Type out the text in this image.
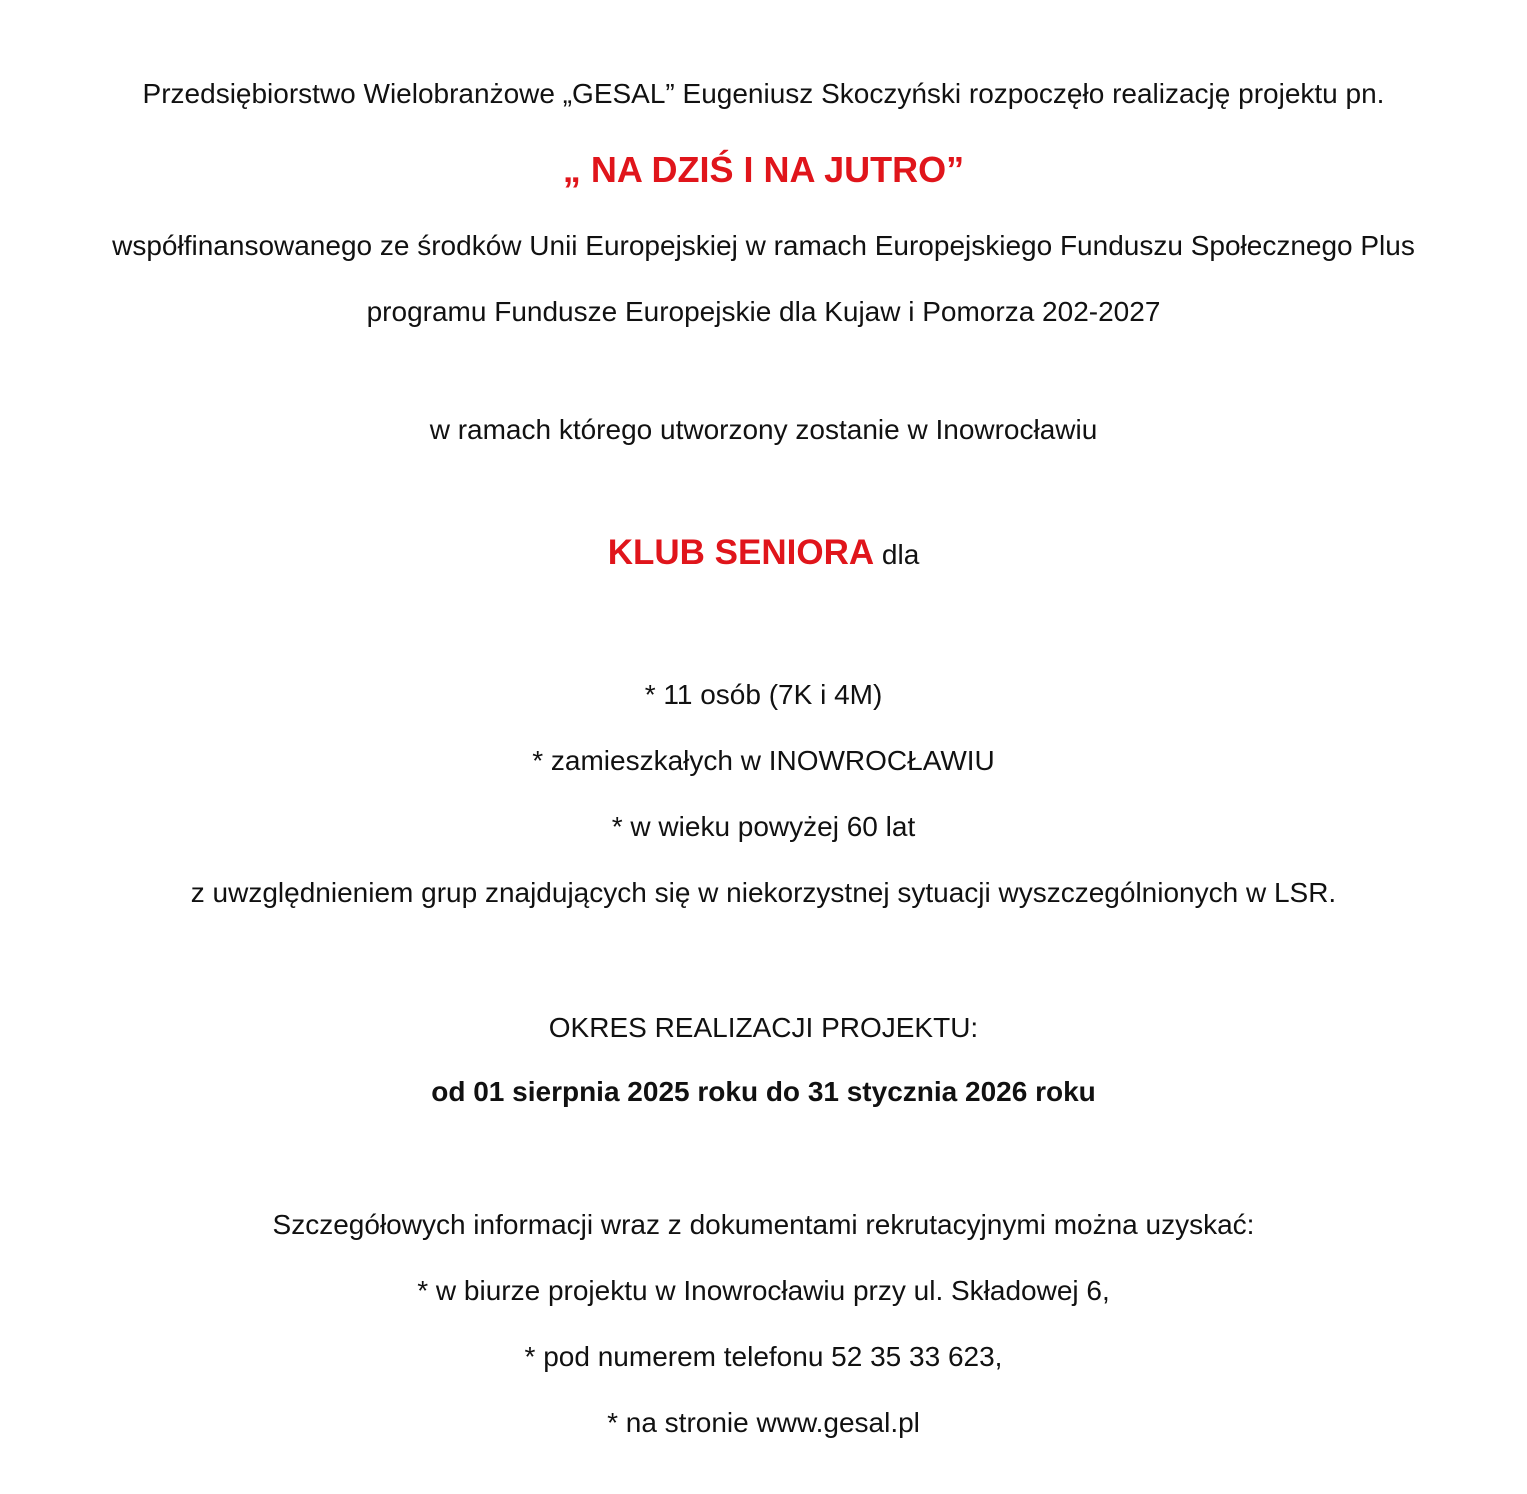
Przedsiębiorstwo Wielobranżowe „GESAL” Eugeniusz Skoczyński rozpoczęło realizację projektu pn.
„ NA DZIŚ I NA JUTRO”
współfinansowanego ze środków Unii Europejskiej w ramach Europejskiego Funduszu Społecznego Plus
programu Fundusze Europejskie dla Kujaw i Pomorza 202-2027
w ramach którego utworzony zostanie w Inowrocławiu
KLUB SENIORA dla
* 11 osób (7K i 4M)
* zamieszkałych w INOWROCŁAWIU
* w wieku powyżej 60 lat
z uwzględnieniem grup znajdujących się w niekorzystnej sytuacji wyszczególnionych w LSR.
OKRES REALIZACJI PROJEKTU:
od 01 sierpnia 2025 roku do 31 stycznia 2026 roku
Szczegółowych informacji wraz z dokumentami rekrutacyjnymi można uzyskać:
* w biurze projektu w Inowrocławiu przy ul. Składowej 6,
* pod numerem telefonu 52 35 33 623,
* na stronie www.gesal.pl
